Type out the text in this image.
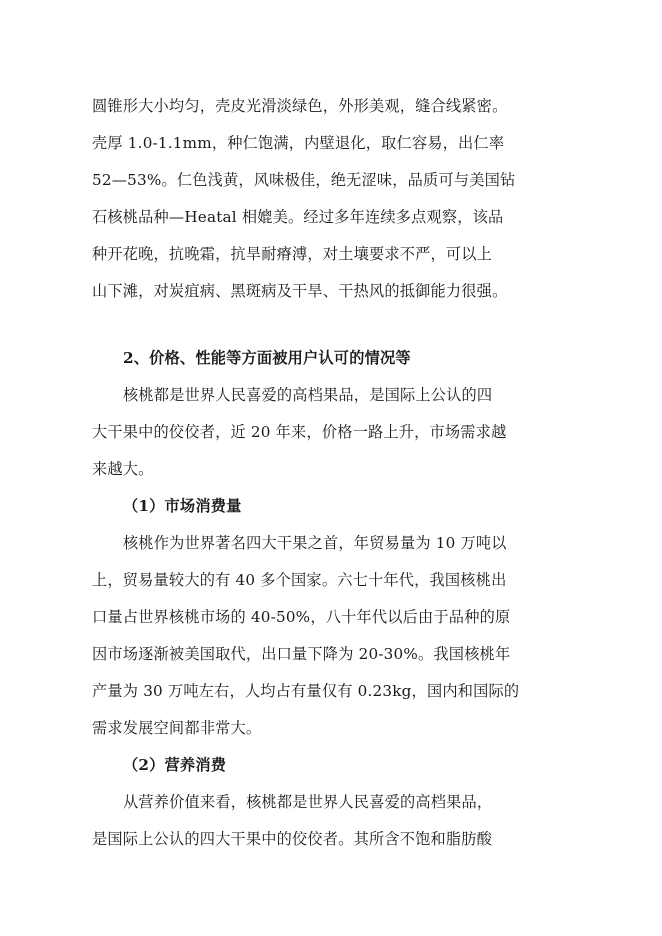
圆锥形大小均匀，壳皮光滑淡绿色，外形美观，缝合线紧密。
壳厚 1.0-1.1mm，种仁饱满，内壁退化，取仁容易，出仁率
52—53%。仁色浅黄，风味极佳，绝无涩味，品质可与美国钻
石核桃品种—Heatal 相媲美。经过多年连续多点观察，该品
种开花晚，抗晚霜，抗旱耐瘠溥，对土壤要求不严，可以上
山下滩，对炭疽病、黑斑病及干旱、干热风的抵御能力很强。
2、价格、性能等方面被用户认可的情况等
核桃都是世界人民喜爱的高档果品，是国际上公认的四
大干果中的佼佼者，近 20 年来，价格一路上升，市场需求越
来越大。
（1）市场消费量
核桃作为世界著名四大干果之首，年贸易量为 10 万吨以
上，贸易量较大的有 40 多个国家。六七十年代，我国核桃出
口量占世界核桃市场的 40-50%，八十年代以后由于品种的原
因市场逐渐被美国取代，出口量下降为 20-30%。我国核桃年
产量为 30 万吨左右，人均占有量仅有 0.23kg，国内和国际的
需求发展空间都非常大。
（2）营养消费
从营养价值来看，核桃都是世界人民喜爱的高档果品，
是国际上公认的四大干果中的佼佼者。其所含不饱和脂肪酸
